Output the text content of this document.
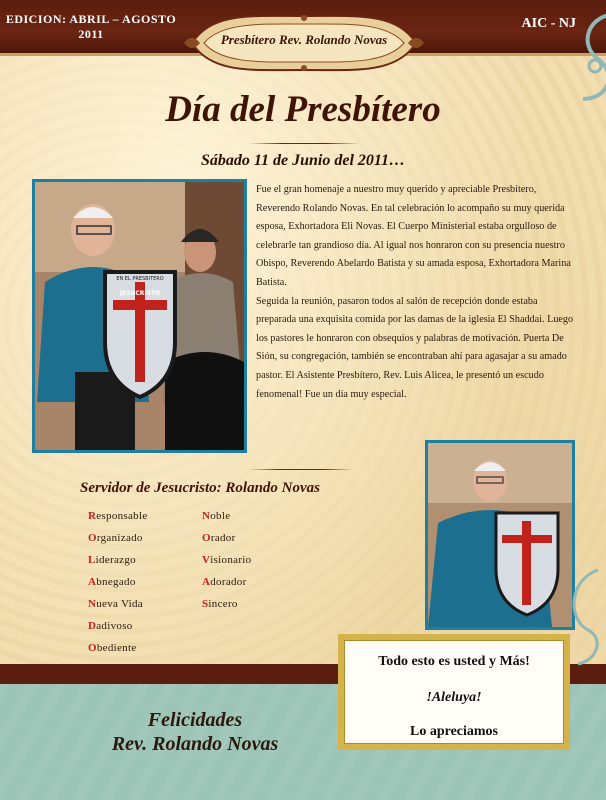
EDICION: ABRIL – AGOSTO
2011
AIC - NJ
Presbítero Rev. Rolando Novas
Día del Presbítero
Sábado 11 de Junio del 2011…
EN EL PRESBITERO
JESUCRISTO

Fue el gran homenaje a nuestro muy querido y apreciable Presbítero, Reverendo Rolando Novas. En tal celebración lo acompaño su muy querida esposa, Exhortadora Eli Novas. El Cuerpo Ministerial estaba orgulloso de celebrarle tan grandioso día. Al igual nos honraron con su presencia nuestro Obispo, Reverendo Abelardo Batista y su amada esposa, Exhortadora Marina Batista.

Seguida la reunión, pasaron todos al salón de recepción donde estaba preparada una exquisita comida por las damas de la iglesia El Shaddai. Luego los pastores le honraron con obsequios y palabras de motivación. Puerta De Sión, su congregación, también se encontraban ahí para agasajar a su amado pastor. El Asistente Presbítero, Rev. Luis Alicea, le presentó un escudo fenomenal! Fue un día muy especial.

Servidor de Jesucristo: Rolando Novas
Responsable
Organizado
Liderazgo
Abnegado
Nueva Vida
Dadivoso
Obediente
Noble
Orador
Visionario
Adorador
Sincero
Felicidades
Rev. Rolando Novas
Todo esto es usted y Más!
!Aleluya!
Lo apreciamos
